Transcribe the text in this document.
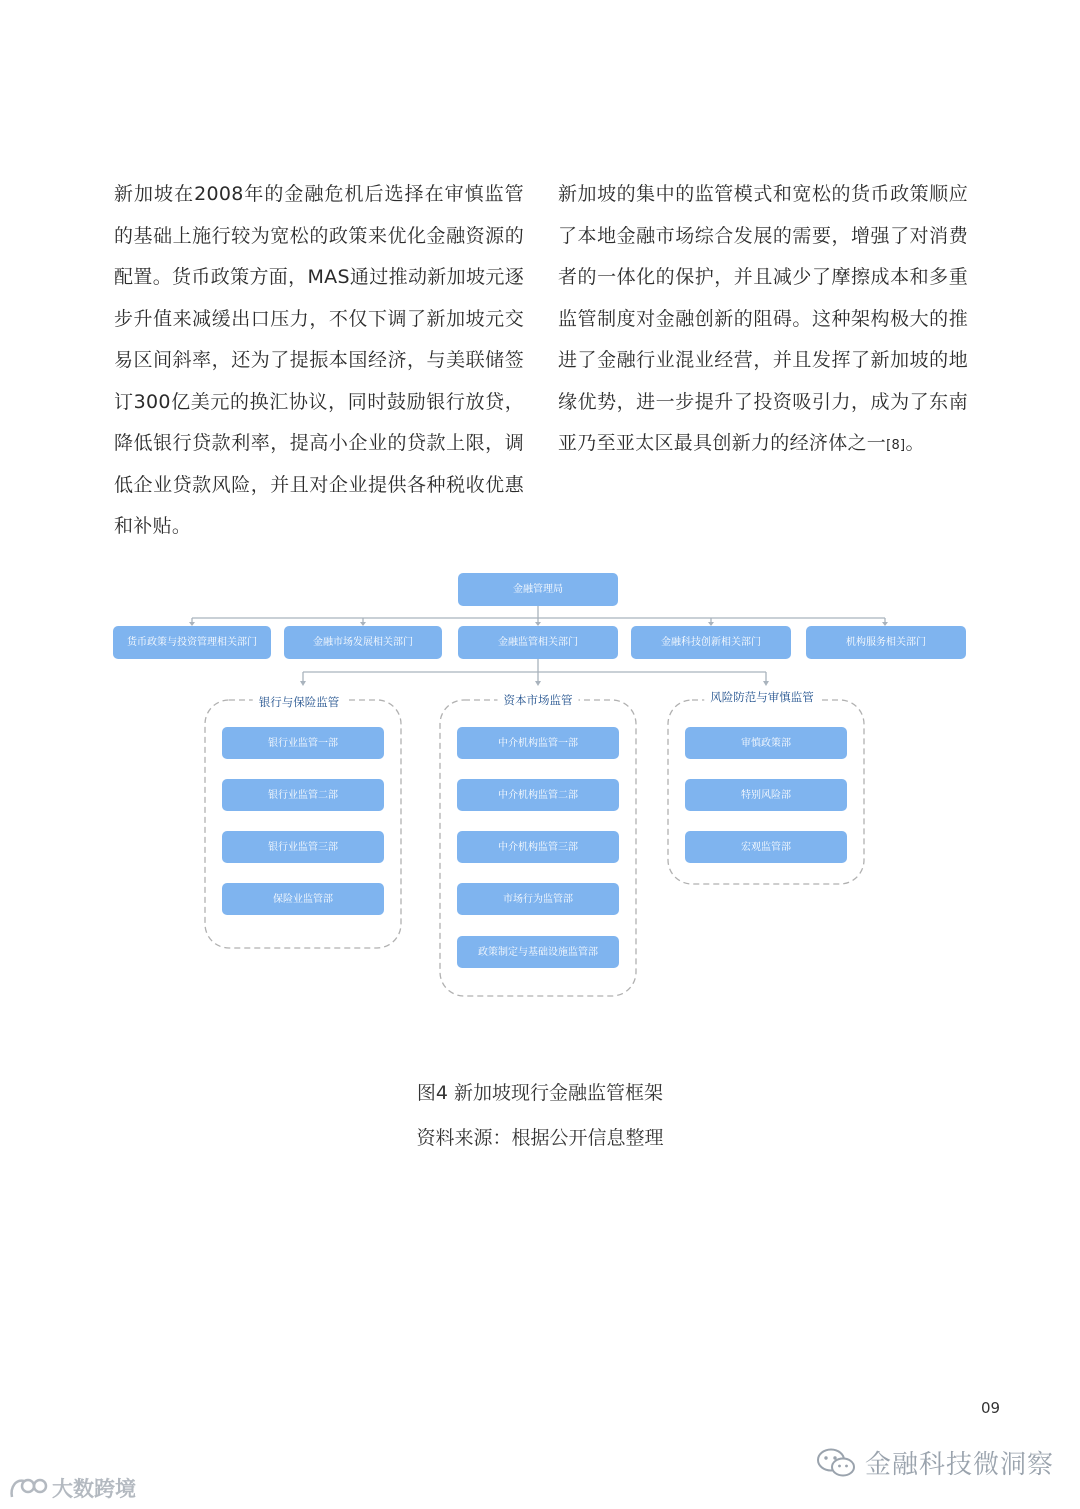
新加坡在2008年的金融危机后选择在审慎监管的基础上施行较为宽松的政策来优化金融资源的配置。货币政策方面，MAS通过推动新加坡元逐步升值来减缓出口压力，不仅下调了新加坡元交易区间斜率，还为了提振本国经济，与美联储签订300亿美元的换汇协议，同时鼓励银行放贷，降低银行贷款利率，提高小企业的贷款上限，调低企业贷款风险，并且对企业提供各种税收优惠和补贴。
新加坡的集中的监管模式和宽松的货币政策顺应了本地金融市场综合发展的需要，增强了对消费者的一体化的保护，并且减少了摩擦成本和多重监管制度对金融创新的阻碍。这种架构极大的推进了金融行业混业经营，并且发挥了新加坡的地缘优势，进一步提升了投资吸引力，成为了东南亚乃至亚太区最具创新力的经济体之一[8]。
金融管理局
货币政策与投资管理相关部门	金融市场发展相关部门	金融监管相关部门	金融科技创新相关部门	机构服务相关部门
银行与保险监管
银行业监管一部
银行业监管二部
银行业监管三部
保险业监管部
资本市场监管
中介机构监管一部
中介机构监管二部
中介机构监管三部
市场行为监管部
政策制定与基础设施监管部
风险防范与审慎监管
审慎政策部
特别风险部
宏观监管部
图4 新加坡现行金融监管框架
资料来源：根据公开信息整理
09
金融科技微洞察
大数跨境
